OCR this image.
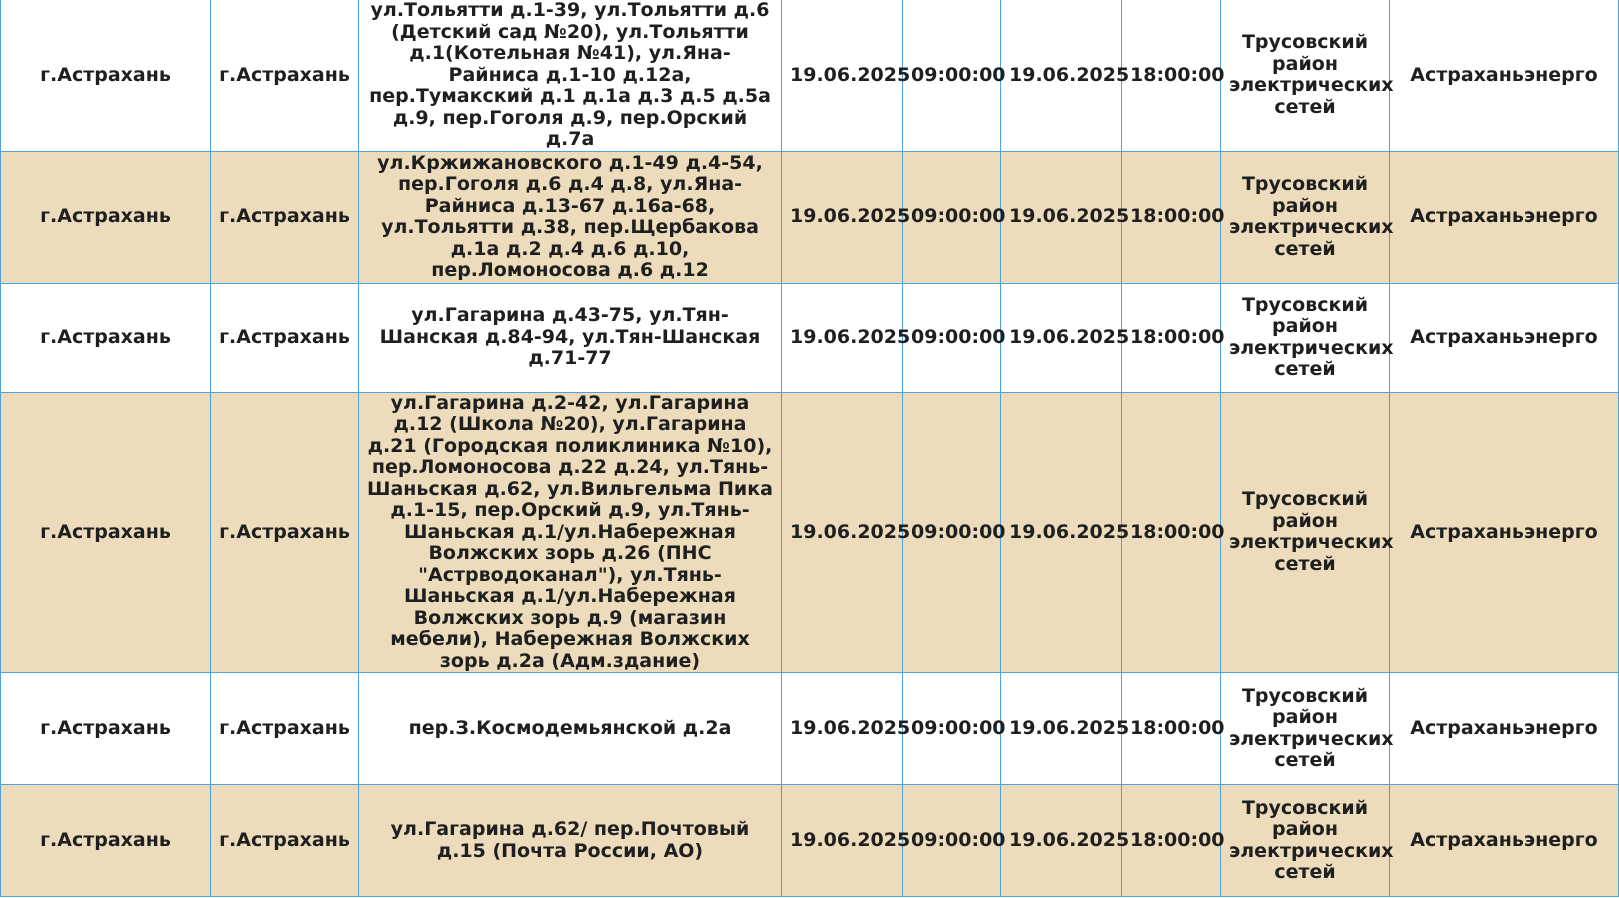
г.Астрахань	г.Астрахань	ул.Тольятти д.1-39, ул.Тольятти д.6 (Детский сад №20), ул.Тольятти д.1(Котельная №41), ул.Яна-Райниса д.1-10 д.12а, пер.Тумакский д.1 д.1а д.3 д.5 д.5а д.9, пер.Гоголя д.9, пер.Орский д.7а	19.06.2025	09:00:00	19.06.2025	18:00:00	Трусовский район электрических сетей	Астраханьэнерго
г.Астрахань	г.Астрахань	ул.Кржижановского д.1-49 д.4-54, пер.Гоголя д.6 д.4 д.8, ул.Яна-Райниса д.13-67 д.16а-68, ул.Тольятти д.38, пер.Щербакова д.1а д.2 д.4 д.6 д.10, пер.Ломоносова д.6 д.12	19.06.2025	09:00:00	19.06.2025	18:00:00	Трусовский район электрических сетей	Астраханьэнерго
г.Астрахань	г.Астрахань	ул.Гагарина д.43-75, ул.Тян-Шанская д.84-94, ул.Тян-Шанская д.71-77	19.06.2025	09:00:00	19.06.2025	18:00:00	Трусовский район электрических сетей	Астраханьэнерго
г.Астрахань	г.Астрахань	ул.Гагарина д.2-42, ул.Гагарина д.12 (Школа №20), ул.Гагарина д.21 (Городская поликлиника №10), пер.Ломоносова д.22 д.24, ул.Тянь-Шаньская д.62, ул.Вильгельма Пика д.1-15, пер.Орский д.9, ул.Тянь-Шаньская д.1/ул.Набережная Волжских зорь д.26 (ПНС "Астрводоканал"), ул.Тянь-Шаньская д.1/ул.Набережная Волжских зорь д.9 (магазин мебели), Набережная Волжских зорь д.2а (Адм.здание)	19.06.2025	09:00:00	19.06.2025	18:00:00	Трусовский район электрических сетей	Астраханьэнерго
г.Астрахань	г.Астрахань	пер.З.Космодемьянской д.2а	19.06.2025	09:00:00	19.06.2025	18:00:00	Трусовский район электрических сетей	Астраханьэнерго
г.Астрахань	г.Астрахань	ул.Гагарина д.62/ пер.Почтовый д.15 (Почта России, АО)	19.06.2025	09:00:00	19.06.2025	18:00:00	Трусовский район электрических сетей	Астраханьэнерго
